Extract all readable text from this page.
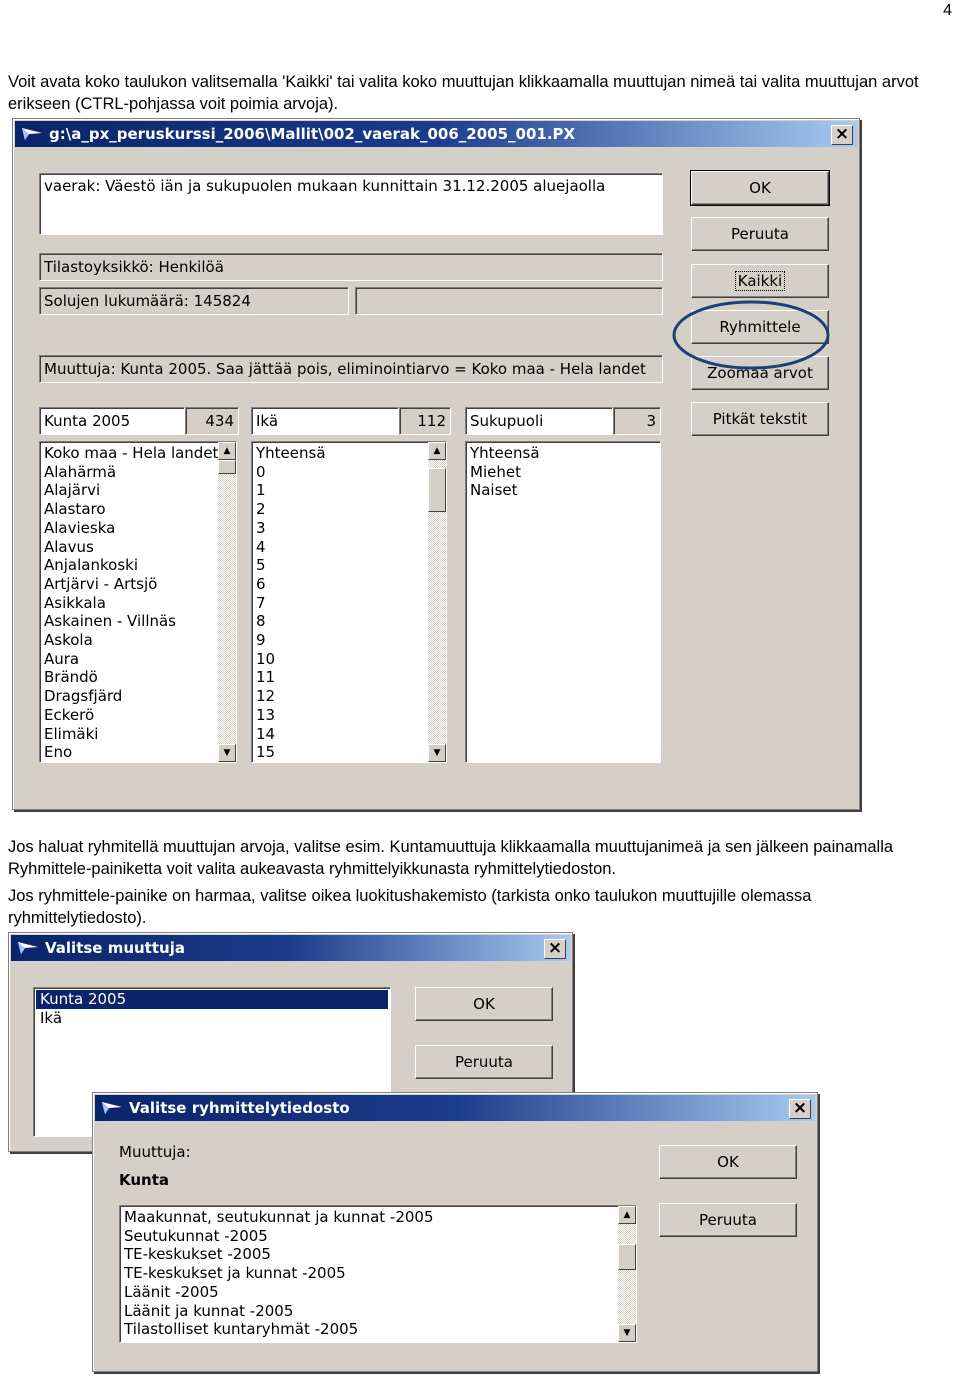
4
Voit avata koko taulukon valitsemalla 'Kaikki' tai valita koko muuttujan klikkaamalla muuttujan nimeä tai valita muuttujan arvot erikseen (CTRL-pohjassa voit poimia arvoja).
g:\a_px_peruskurssi_2006\Mallit\002_vaerak_006_2005_001.PX	×
vaerak: Väestö iän ja sukupuolen mukaan kunnittain 31.12.2005 aluejaolla
Tilastoyksikkö: Henkilöä
Solujen lukumäärä: 145824
Muuttuja: Kunta 2005. Saa jättää pois, eliminointiarvo = Koko maa - Hela landet
OK
Peruuta
Kaikki
Ryhmittele
Zoomaa arvot
Pitkät tekstit
Kunta 2005	434	Ikä	112	Sukupuoli	3
Koko maa - Hela landet
Alahärmä
Alajärvi
Alastaro
Alavieska
Alavus
Anjalankoski
Artjärvi - Artsjö
Asikkala
Askainen - Villnäs
Askola
Aura
Brändö
Dragsfjärd
Eckerö
Elimäki
Eno
▲
▼
Yhteensä
0
1
2
3
4
5
6
7
8
9
10
11
12
13
14
15
▲
▼
Yhteensä
Miehet
Naiset
Jos haluat ryhmitellä muuttujan arvoja, valitse esim. Kuntamuuttuja klikkaamalla muuttujanimeä ja sen jälkeen painamalla Ryhmittele-painiketta voit valita aukeavasta ryhmittelyikkunasta ryhmittelytiedoston.
Jos ryhmittele-painike on harmaa, valitse oikea luokitushakemisto (tarkista onko taulukon muuttujille olemassa ryhmittelytiedosto).
Valitse muuttuja	×
Kunta 2005
Ikä
OK
Peruuta
Valitse ryhmittelytiedosto	×
Muuttuja:
Kunta
OK
Peruuta
Maakunnat, seutukunnat ja kunnat -2005
Seutukunnat -2005
TE-keskukset -2005
TE-keskukset ja kunnat -2005
Läänit -2005
Läänit ja kunnat -2005
Tilastolliset kuntaryhmät -2005
▲
▼
